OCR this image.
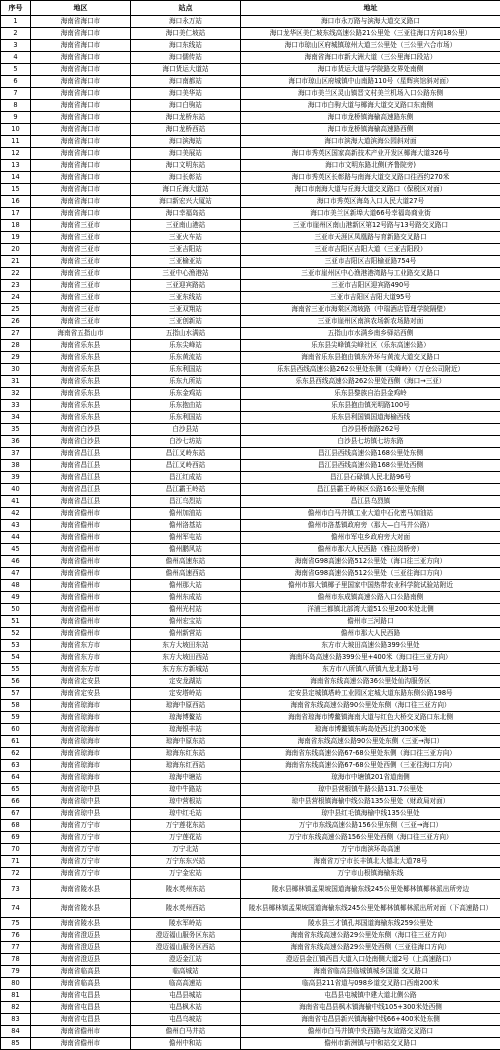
序号	地区	站点	地址
1	海南省海口市	海口永万站	海口市永万路与滨海大道交叉路口
2	海南省海口市	海口美仁坡站	海口龙华区美仁坡东线高速公路21公里处（三亚往海口方向18公里）
3	海南省海口市	海口东线站	海口市琼山区府城镇琼州大道三公里处（三公里六合市场）
4	海南省海口市	海口儒传站	海南省海口市新大洲大道（三公里海口段站）
5	海南省海口市	海口货运大道站	海口市货运大道与学院路交界处南侧
6	海南省海口市	海口南都站	海口市琼山区府城镇中山南路110号（星辉宾馆斜对面）
7	海南省海口市	海口美华站	海口市美兰区灵山镇晋文村美兰机场入口公路东侧
8	海南省海口市	海口白驹站	海口市白驹大道与椰海大道交叉路口东南侧
9	海南省海口市	海口龙桥东站	海口市龙桥镇海榆高速路东侧
10	海南省海口市	海口龙桥西站	海口市龙桥镇海榆高速路西侧
11	海南省海口市	海口滨海站	海口市滨海大道滨海公园斜对面
12	海南省海口市	海口美展站	海口市秀英区国家高新技术产业开发区椰海大道326号
13	海南省海口市	海口文明东站	海口市文明东路北侧(齐鲁院旁)
14	海南省海口市	海口长彰站	海口市秀英区长彰路与南海大道交叉路口往西约270米
15	海南省海口市	海口丘海大道站	海口市南海大道与丘海大道交叉路口（保税区对面）
16	海南省海口市	海口新宏兴大厦站	海口市秀英区海岛入口人民大道27号
17	海南省海口市	海口幸福岛站	海口市美兰区新埠大道66号幸福岛商业街
18	海南省三亚市	三亚南山港站	三亚市崖州区南山港新区第12号路与13号路交叉路口
19	海南省三亚市	三亚火车站	三亚市天涯区凤凰路与育新路交叉路口
20	海南省三亚市	三亚吉阳站	三亚市吉阳区吉阳大道（三亚吉阳段）
21	海南省三亚市	三亚榆亚站	三亚市吉阳区吉阳榆亚路754号
22	海南省三亚市	三亚中心渔港站	三亚市崖州区中心渔港港湾路与工业路交叉路口
23	海南省三亚市	三亚迎宾路站	三亚市吉阳区迎宾路490号
24	海南省三亚市	三亚东线站	三亚市吉阳区吉阳大道95号
25	海南省三亚市	三亚双翔站	海南省三亚市海棠区湾坡路（中瑞酒店管理学院隔壁）
26	海南省三亚市	三亚创新站	三亚市崖州区南滨农场新农场路对面
27	海南省五指山市	五指山水满站	五指山市水满乡南乡驿站西侧
28	海南省乐东县	乐东尖峰站	乐东县尖峰镇尖峰社区（乐东高速公路）
29	海南省乐东县	乐东黄流站	海南省乐东县抱由镇东外环与黄流大道交叉路口
30	海南省乐东县	乐东利国站	乐东县西线高速公路262公里处东侧（尖峰岭）（万仓公司附近）
31	海南省乐东县	乐东九所站	乐东县西线高速公路262公里处西侧（海口→三亚）
32	海南省乐东县	乐东金鸡站	乐东县黎族自治县金鸡岭
33	海南省乐东县	乐东抱由站	乐东县抱由镇光明路100号
34	海南省乐东县	乐东利国站	乐东县利国镇国道海榆西线
35	海南省白沙县	白沙县站	白沙县桥南路262号
36	海南省白沙县	白沙七坊站	白沙县七坊镇七坊东路
37	海南省昌江县	昌江叉岭东站	昌江县西线高速公路168公里处东侧
38	海南省昌江县	昌江叉岭西站	昌江县西线高速公路168公里处西侧
39	海南省昌江县	昌江红成站	昌江县石碌镇人民北路96号
40	海南省昌江县	昌江霸王岭站	昌江县霸王岭林区公路16公里处东侧
41	海南省昌江县	昌江乌烈站	昌江县乌烈镇
42	海南省儋州市	儋州加油站	儋州市白马井镇工业大道中石化密马加油站
43	海南省儋州市	儋州洛基站	儋州市洛基镇政府旁（那大—白马井公路）
44	海南省儋州市	儋州军屯站	儋州市军屯乡政府旁大对面
45	海南省儋州市	儋州鹏风站	儋州市那大人民西路（雅拉岗桥旁）
46	海南省儋州市	儋州高速东站	海南省G98高速公路512公里处（海口往三亚方向）
47	海南省儋州市	儋州高速西站	海南省G98高速公路512公里处（三亚往海口方向）
48	海南省儋州市	儋州那大站	儋州市那大镇椰子里国家中国热带农业科学院试验站附近
49	海南省儋州市	儋州东成站	儋州市东成镇高速公路入口公路南侧
50	海南省儋州市	儋州光村站	洋浦三都镇北部湾大道51公里200米处北侧
51	海南省儋州市	儋州宏宝站	儋州市三河路口
52	海南省儋州市	儋州新营站	儋州市那大人民西路
53	海南省东方市	东方大坡田东站	东方市大坡田高速公路399公里处
54	海南省东方市	东方大坡田西站	海南环岛高速公路399公里+400米（海口往三亚方向）
55	海南省东方市	东方东方新城站	东方市八所镇八所镇九龙北路1号
56	海南省定安县	定安龙湖站	海南省东线高速公路36公里处仙沟服务区
57	海南省定安县	定安塔岭站	定安县定城镇塔岭工业园区定城大道东路东侧公路198号
58	海南省琼海市	琼海中原西站	海南省东线高速公路90公里处东侧（海口往三亚方向）
59	海南省琼海市	琼海博鳌站	海南省琼海市博鳌镇海南大道与红色大桥交叉路口东北侧
60	海南省琼海市	琼海银丰站	琼海市博鳌镇东屿岛处西北约300米处
61	海南省琼海市	琼海中原东站	海南省东线高速公路90公里处东侧（三亚→海口）
62	海南省琼海市	琼海东红东站	海南省东线高速公路67-68公里处东侧（海口往三亚方向）
63	海南省琼海市	琼海东红西站	海南省东线高速公路67-68公里处西侧（三亚往海口方向）
64	海南省琼海市	琼海中塘站	琼海市中塘镇201省道南侧
65	海南省琼中县	琼中牛路站	琼中县营根镇牛路公路131.7公里处
66	海南省琼中县	琼中营根站	琼中县营根镇海榆中线公路135公里处（财政局对面）
67	海南省琼中县	琼中红毛站	琼中县红毛镇海榆中线135公里处
68	海南省万宁市	万宁莲花东站	万宁市东线高速公路156公里东侧（三亚→海口）
69	海南省万宁市	万宁莲花站	万宁市东线高速公路156公里处西侧（海口往三亚方向）
70	海南省万宁市	万宁北站	万宁市南滨环岛高速
71	海南省万宁市	万宁东东兴站	海南省万宁市长丰镇北大德北大道78号
72	海南省万宁市	万宁金宏站	万宁市山根镇海榆东线
73	海南省陵水县	陵水英州东站	陵水县椰林镇孟果坡国道海榆东线245公里处椰林镇椰林派出所旁边
74	海南省陵水县	陵水英州西站	陵水县椰林镇孟果坡国道海榆东线245公里处椰林镇椰林派出所对面（下高速路口）
75	海南省陵水县	陵水军岭站	陵水县三才镇孔邦国道海榆东线259公里处
76	海南省澄迈县	澄迈福山服务区东站	海南省东线高速公路29公里处东侧（海口往三亚方向）
77	海南省澄迈县	澄迈福山服务区西站	海南省东线高速公路29公里处西侧（三亚往海口方向）
78	海南省澄迈县	澄迈金江站	澄迈县金江镇西昌大道入口处南侧大道2号（上高速路口）
79	海南省临高县	临高城站	海南省临高县临城镇城乡国道 交叉路口
80	海南省临高县	临高高速站	临高县211省道与098乡道交叉路口西南200米
81	海南省屯昌县	屯昌县城站	屯昌县屯城镇中建大道北侧公路
82	海南省屯昌县	屯昌枫木站	海南省屯昌县枫木镇海榆中线105+300米处西侧
83	海南省屯昌县	屯昌乌坡站	海南省屯昌县新兴镇海榆中线66+400米处东侧
84	海南省儋州市	儋州白马井站	儋州市白马井镇中央西路与友谊路交叉路口
85	海南省儋州市	儋州中和站	儋州市新洲镇与中和站交叉路口
